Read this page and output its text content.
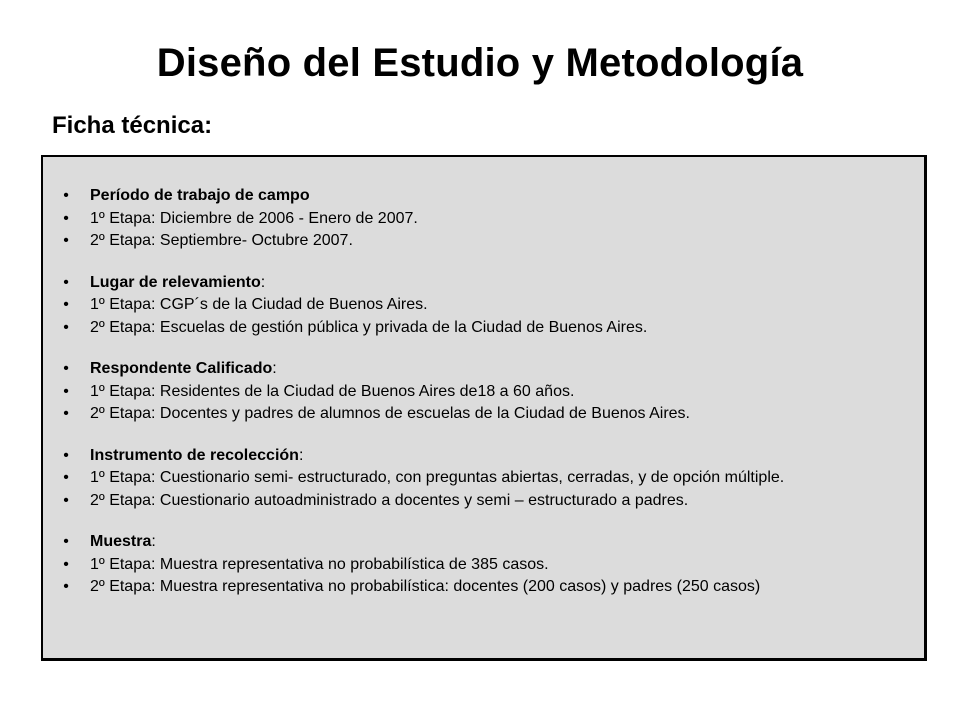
Diseño del Estudio y Metodología
Ficha técnica:
• Período de trabajo de campo
• 1º Etapa: Diciembre de 2006 - Enero de 2007.
• 2º Etapa: Septiembre- Octubre 2007.
• Lugar de relevamiento:
• 1º Etapa: CGP´s de la Ciudad de Buenos Aires.
• 2º Etapa: Escuelas de gestión pública y privada de la Ciudad de Buenos Aires.
• Respondente Calificado:
• 1º Etapa: Residentes de la Ciudad de Buenos Aires de18 a 60 años.
• 2º Etapa: Docentes y padres de alumnos de escuelas de la Ciudad de Buenos Aires.
• Instrumento de recolección:
• 1º Etapa: Cuestionario semi- estructurado, con preguntas abiertas, cerradas, y de opción múltiple.
• 2º Etapa: Cuestionario autoadministrado a docentes y semi – estructurado a padres.
• Muestra:
• 1º Etapa: Muestra representativa no probabilística de 385 casos.
• 2º Etapa: Muestra representativa no probabilística: docentes (200 casos) y padres (250 casos)
